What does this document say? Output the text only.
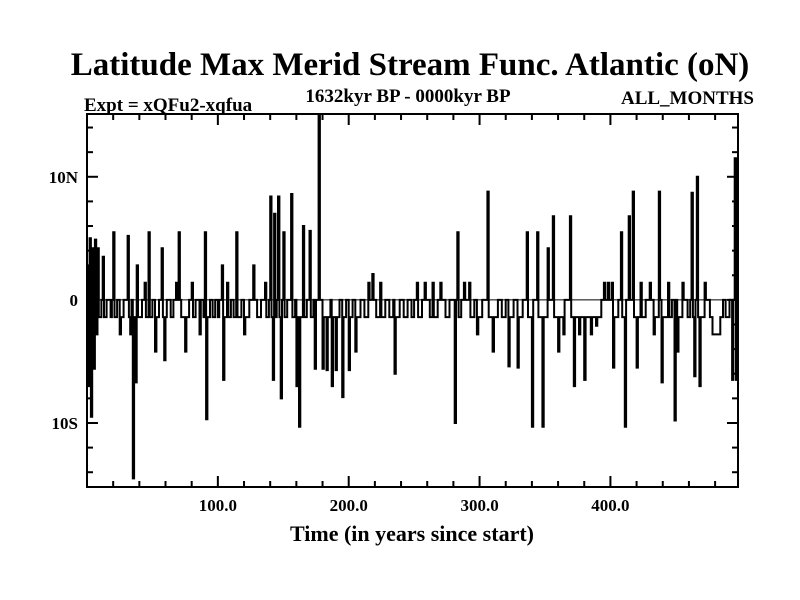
Latitude Max Merid Stream Func. Atlantic (oN)
Expt = xQFu2-xqfua	1632kyr BP - 0000kyr BP	ALL_MONTHS
Time (in years since start)
100.0	200.0	300.0	400.0
10S
0
10N
